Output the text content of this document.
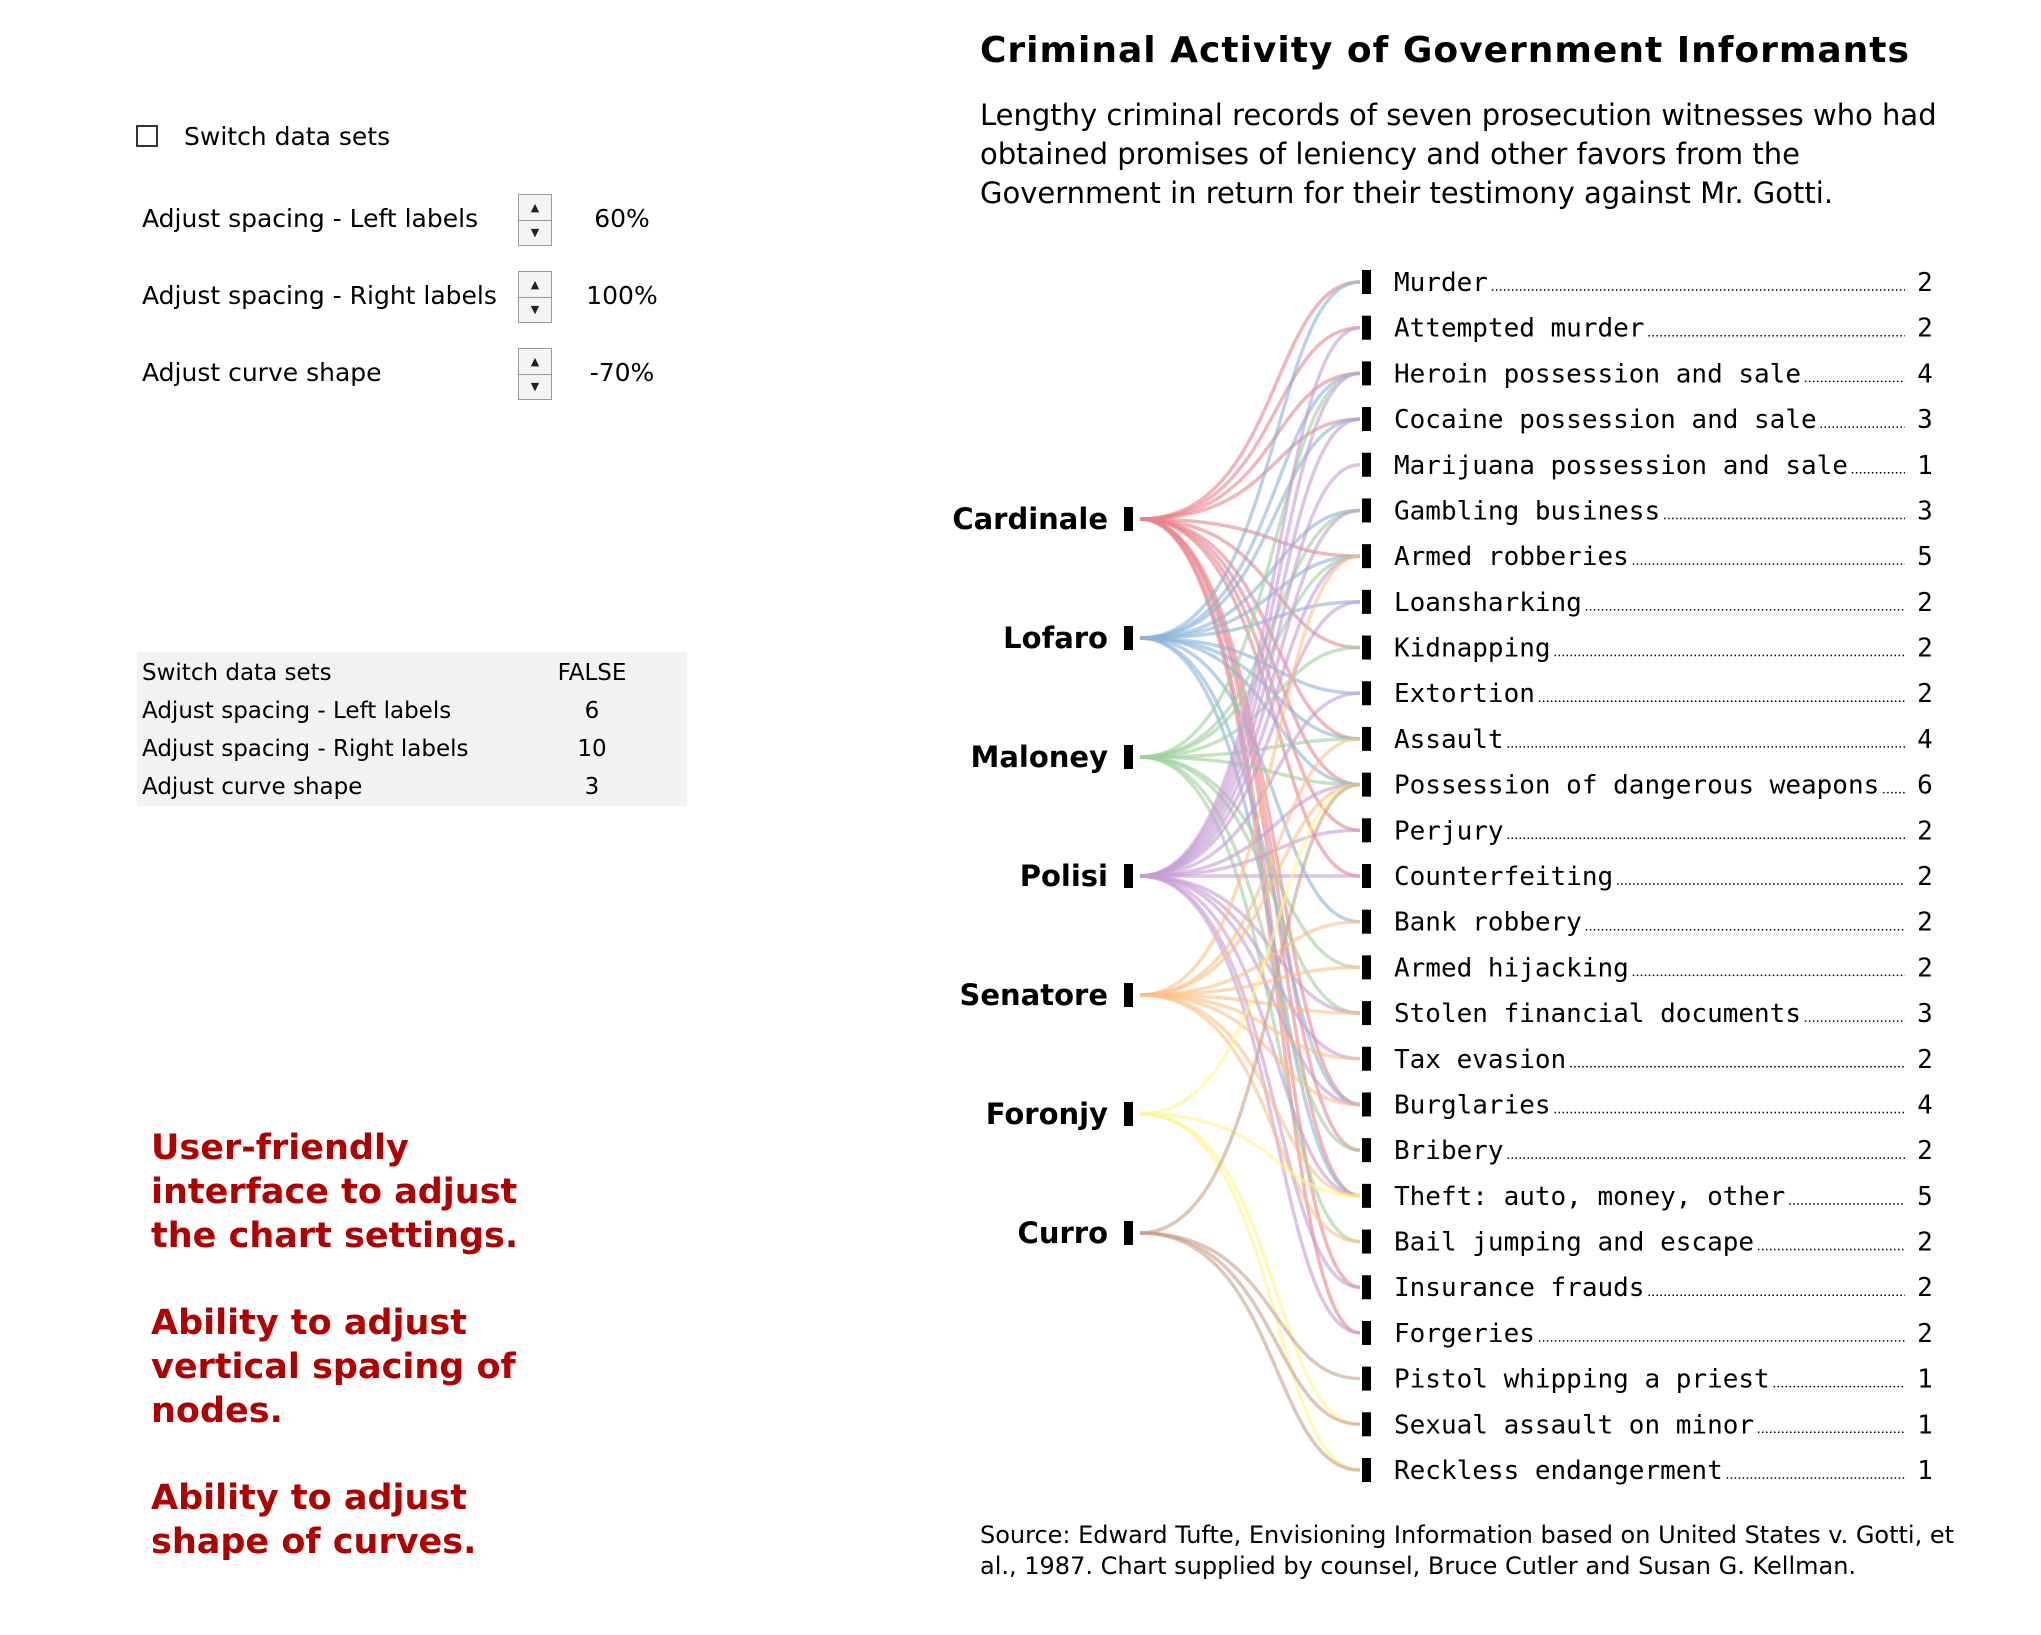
Switch data sets
Adjust spacing - Left labels	▲
▼	60%
Adjust spacing - Right labels	▲
▼	100%
Adjust curve shape	▲
▼	-70%
Switch data sets	FALSE
Adjust spacing - Left labels	6
Adjust spacing - Right labels	10
Adjust curve shape	3

User-friendly interface to adjust the chart settings.

Ability to adjust vertical spacing of nodes.

Ability to adjust shape of curves.

Criminal Activity of Government Informants
Lengthy criminal records of seven prosecution witnesses who had obtained promises of leniency and other favors from the Government in return for their testimony against Mr. Gotti.
Source: Edward Tufte, Envisioning Information based on United States v. Gotti, et al., 1987. Chart supplied by counsel, Bruce Cutler and Susan G. Kellman.
Cardinale
Lofaro
Maloney
Polisi
Senatore
Foronjy
Curro
Murder	2
Attempted murder	2
Heroin possession and sale	4
Cocaine possession and sale	3
Marijuana possession and sale	1
Gambling business	3
Armed robberies	5
Loansharking	2
Kidnapping	2
Extortion	2
Assault	4
Possession of dangerous weapons 6
Perjury	2
Counterfeiting	2
Bank robbery	2
Armed hijacking	2
Stolen financial documents	3
Tax evasion	2
Burglaries	4
Bribery	2
Theft: auto, money, other	5
Bail jumping and escape	2
Insurance frauds	2
Forgeries	2
Pistol whipping a priest	1
Sexual assault on minor	1
Reckless endangerment	1
